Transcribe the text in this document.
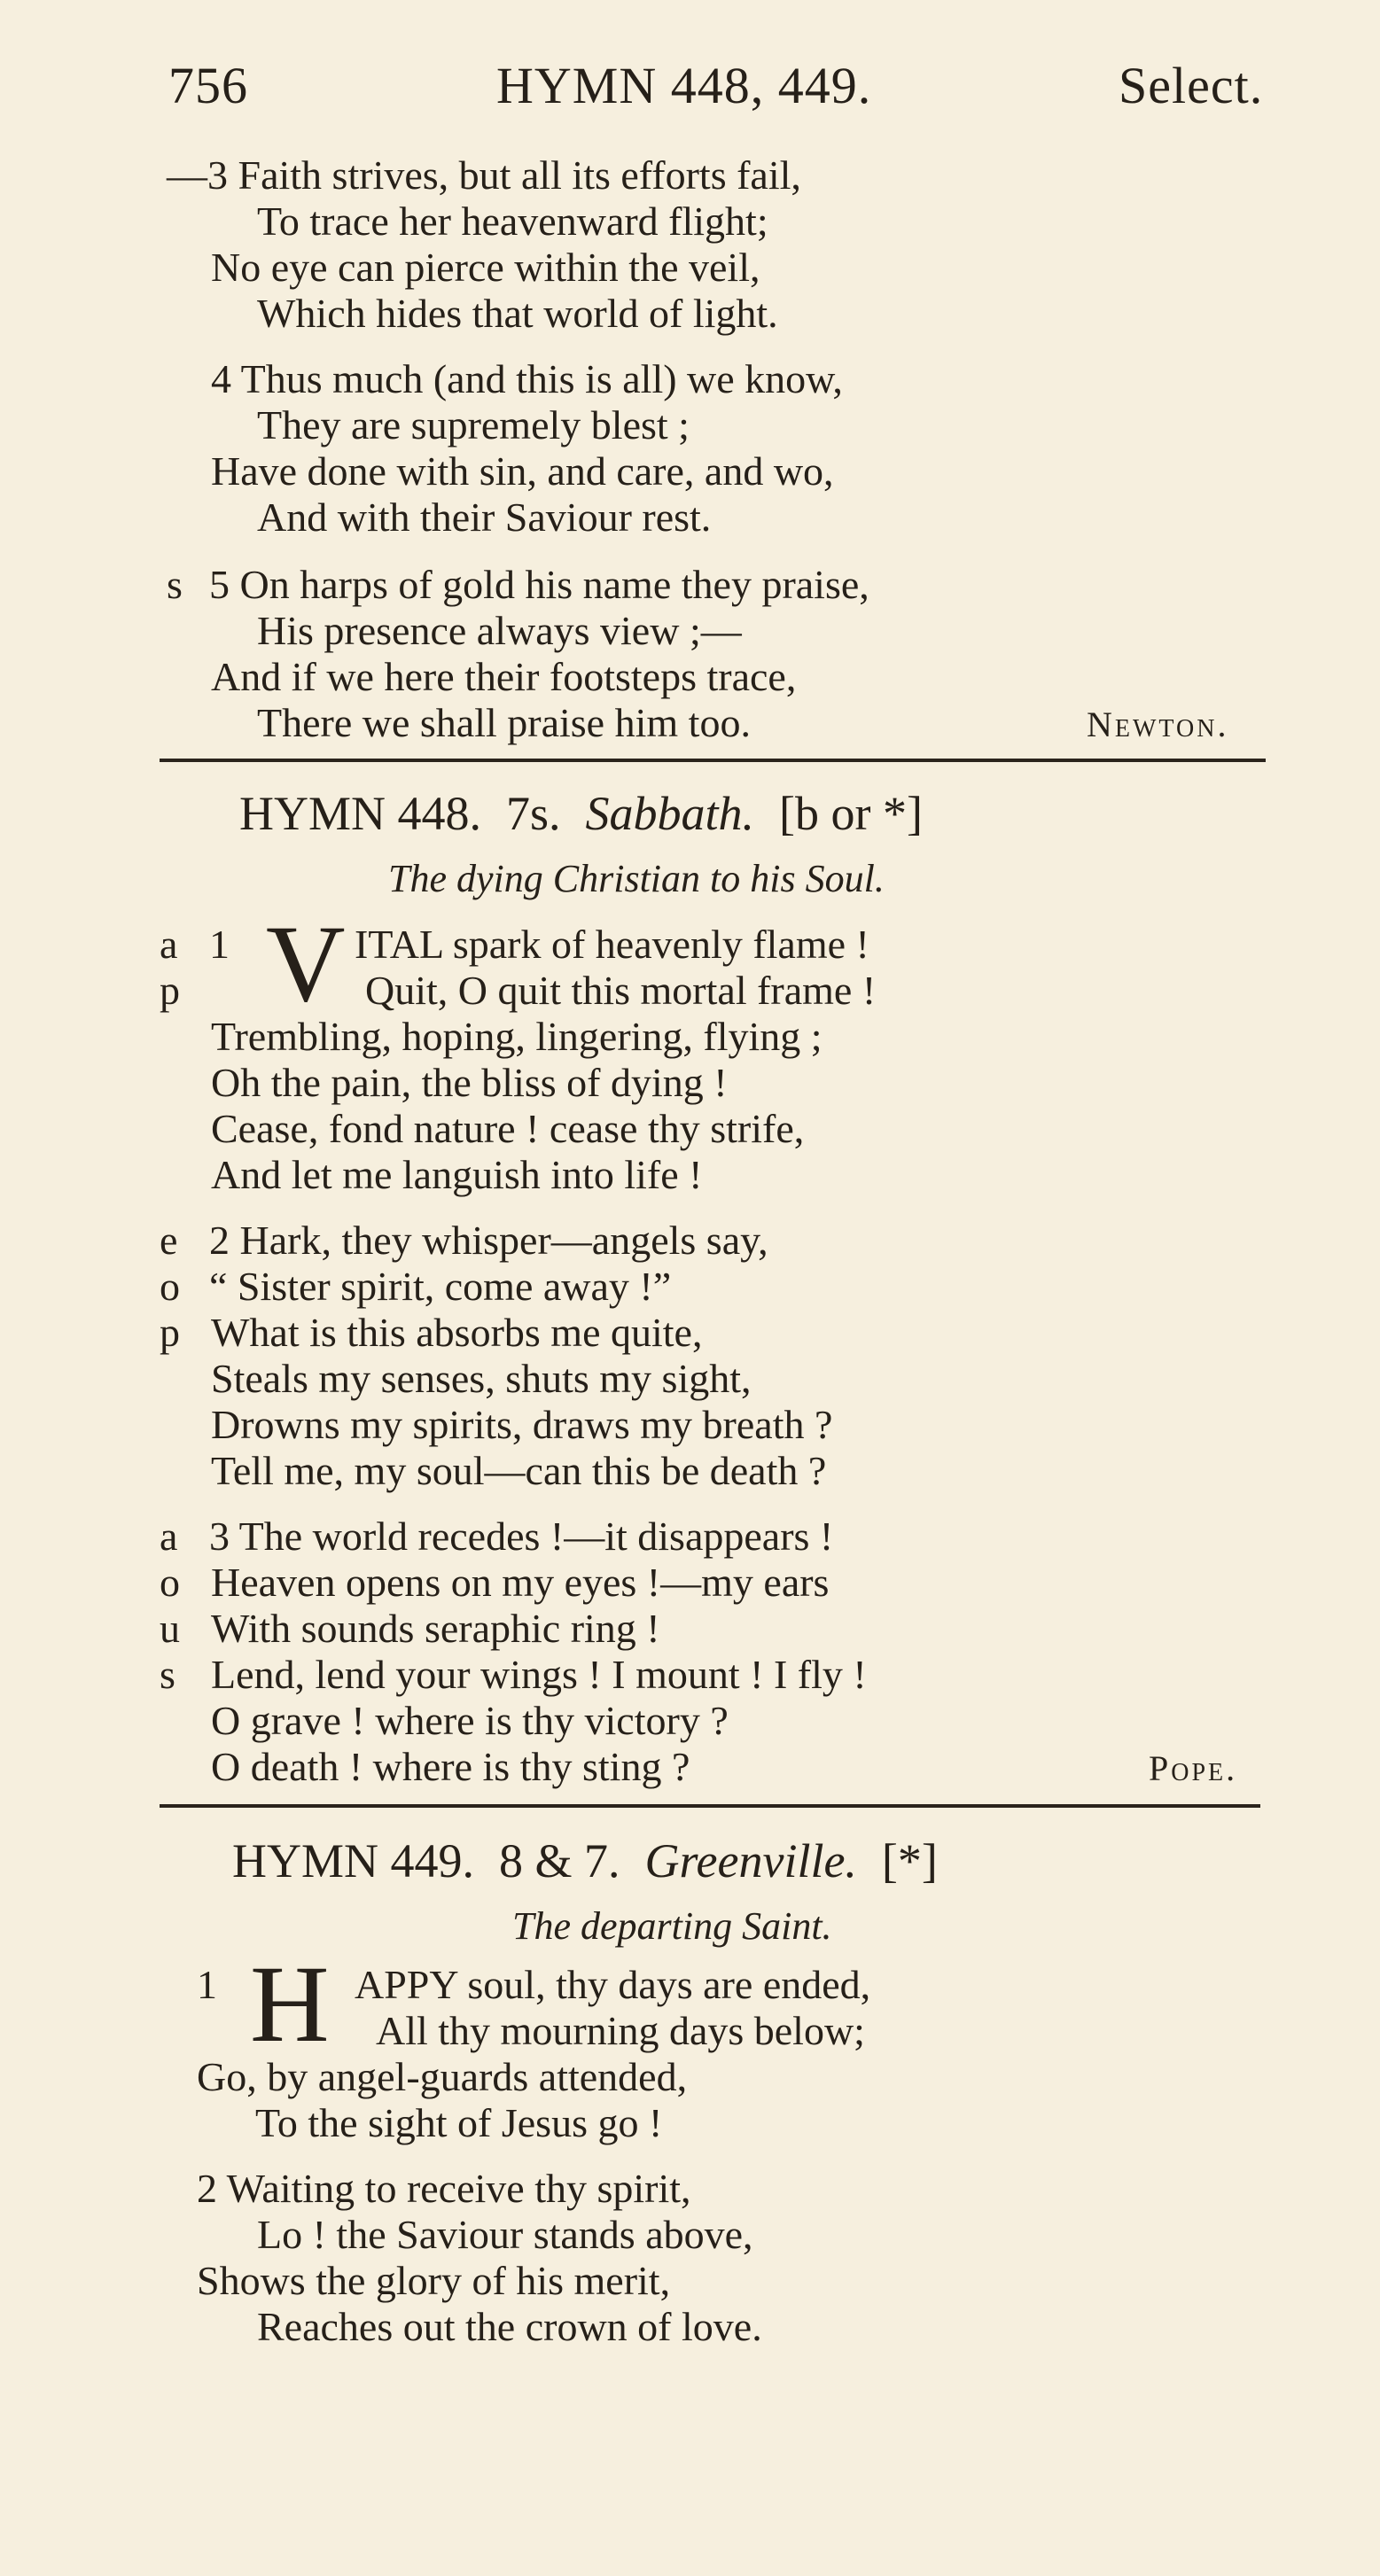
756	HYMN 448, 449.	Select.
—3 Faith strives, but all its efforts fail,
To trace her heavenward flight;
No eye can pierce within the veil,
Which hides that world of light.
4 Thus much (and this is all) we know,
They are supremely blest ;
Have done with sin, and care, and wo,
And with their Saviour rest.
s 5 On harps of gold his name they praise,
His presence always view ;—
And if we here their footsteps trace,
There we shall praise him too.	Newton.
HYMN 448. 7s. Sabbath. [b or *]
The dying Christian to his Soul.
a 1 V ITAL spark of heavenly flame !
p	Quit, O quit this mortal frame !
Trembling, hoping, lingering, flying ;
Oh the pain, the bliss of dying !
Cease, fond nature ! cease thy strife,
And let me languish into life !
e 2 Hark, they whisper—angels say,
o “ Sister spirit, come away !”
p What is this absorbs me quite,
Steals my senses, shuts my sight,
Drowns my spirits, draws my breath ?
Tell me, my soul—can this be death ?
a 3 The world recedes !—it disappears !
o Heaven opens on my eyes !—my ears
u With sounds seraphic ring !
s Lend, lend your wings ! I mount ! I fly !
O grave ! where is thy victory ?
O death ! where is thy sting ?	Pope.
HYMN 449. 8 & 7. Greenville. [*]
The departing Saint.
1 H APPY soul, thy days are ended,
All thy mourning days below;
Go, by angel-guards attended,
To the sight of Jesus go !
2 Waiting to receive thy spirit,
Lo ! the Saviour stands above,
Shows the glory of his merit,
Reaches out the crown of love.
